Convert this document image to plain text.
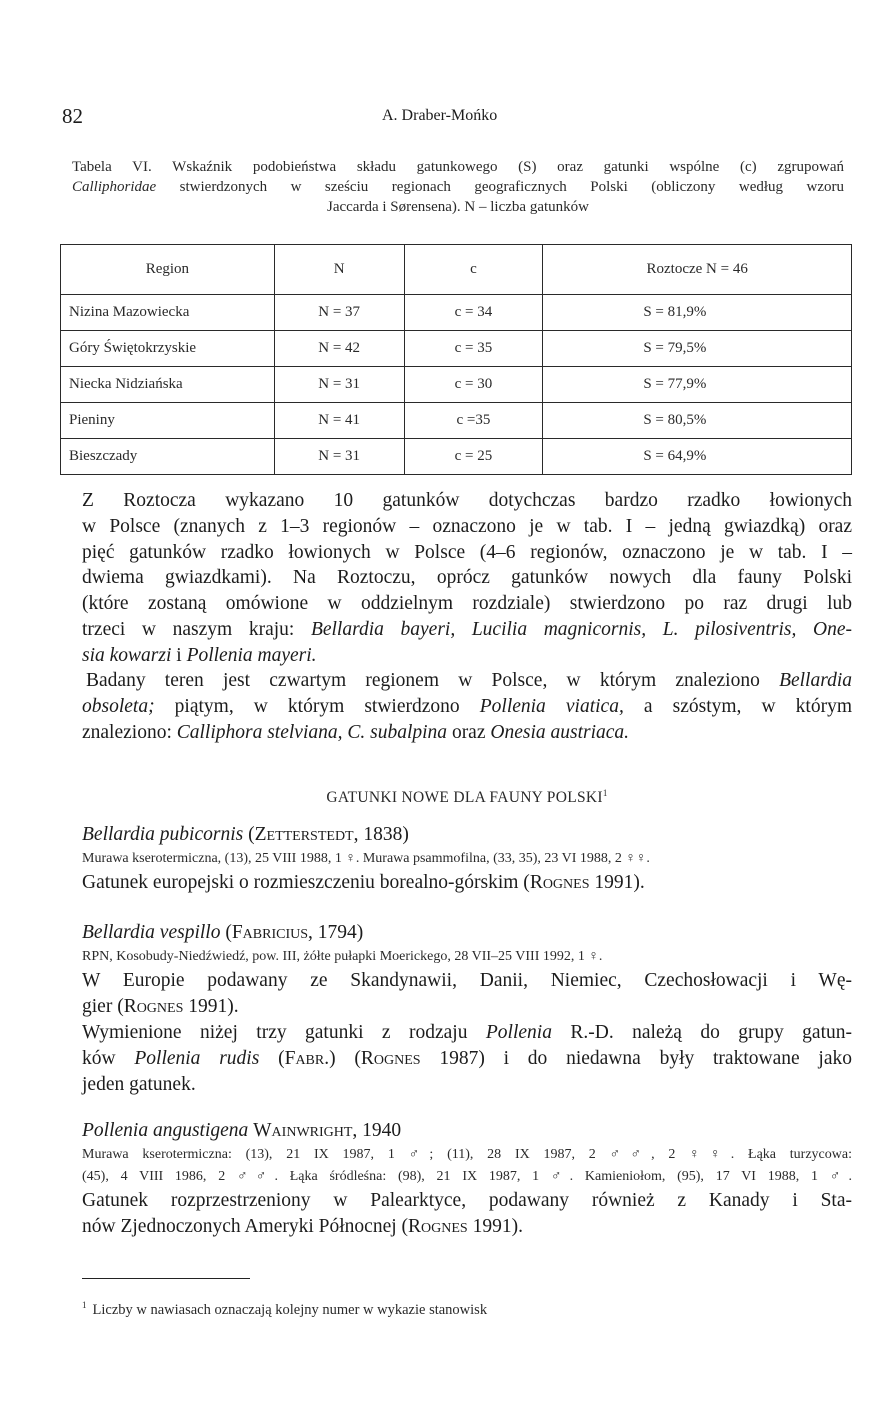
82	A. Draber-Mońko
Tabela VI. Wskaźnik podobieństwa składu gatunkowego (S) oraz gatunki wspólne (c) zgrupowań
Calliphoridae stwierdzonych w sześciu regionach geograficznych Polski (obliczony według wzoru
Jaccarda i Sørensena). N – liczba gatunków
Region	N	c	Roztocze N = 46
Nizina Mazowiecka	N = 37	c = 34	S = 81,9%
Góry Świętokrzyskie	N = 42	c = 35	S = 79,5%
Niecka Nidziańska	N = 31	c = 30	S = 77,9%
Pieniny	N = 41	c =35	S = 80,5%
Bieszczady	N = 31	c = 25	S = 64,9%
Z Roztocza wykazano 10 gatunków dotychczas bardzo rzadko łowionych
w Polsce (znanych z 1–3 regionów – oznaczono je w tab. I – jedną gwiazdką) oraz
pięć gatunków rzadko łowionych w Polsce (4–6 regionów, oznaczono je w tab. I –
dwiema gwiazdkami). Na Roztoczu, oprócz gatunków nowych dla fauny Polski
(które zostaną omówione w oddzielnym rozdziale) stwierdzono po raz drugi lub
trzeci w naszym kraju: Bellardia bayeri, Lucilia magnicornis, L. pilosiventris, One-
sia kowarzi i Pollenia mayeri.
Badany teren jest czwartym regionem w Polsce, w którym znaleziono Bellardia
obsoleta; piątym, w którym stwierdzono Pollenia viatica, a szóstym, w którym
znaleziono: Calliphora stelviana, C. subalpina oraz Onesia austriaca.
GATUNKI NOWE DLA FAUNY POLSKI$^1$
Bellardia pubicornis (Zetterstedt, 1838)
Murawa kserotermiczna, (13), 25 VIII 1988, 1 ♀. Murawa psammofilna, (33, 35), 23 VI 1988, 2 ♀♀.
Gatunek europejski o rozmieszczeniu borealno-górskim (Rognes 1991).
Bellardia vespillo (Fabricius, 1794)
RPN, Kosobudy-Niedźwiedź, pow. III, żółte pułapki Moerickego, 28 VII–25 VIII 1992, 1 ♀.
W Europie podawany ze Skandynawii, Danii, Niemiec, Czechosłowacji i Wę-
gier (Rognes 1991).
Wymienione niżej trzy gatunki z rodzaju Pollenia R.-D. należą do grupy gatun-
ków Pollenia rudis (Fabr.) (Rognes 1987) i do niedawna były traktowane jako
jeden gatunek.
Pollenia angustigena Wainwright, 1940
Murawa kserotermiczna: (13), 21 IX 1987, 1 ♂; (11), 28 IX 1987, 2 ♂♂, 2 ♀♀. Łąka turzycowa:
(45), 4 VIII 1986, 2 ♂♂. Łąka śródleśna: (98), 21 IX 1987, 1 ♂. Kamieniołom, (95), 17 VI 1988, 1 ♂.
Gatunek rozprzestrzeniony w Palearktyce, podawany również z Kanady i Sta-
nów Zjednoczonych Ameryki Północnej (Rognes 1991).
$^1$ Liczby w nawiasach oznaczają kolejny numer w wykazie stanowisk
